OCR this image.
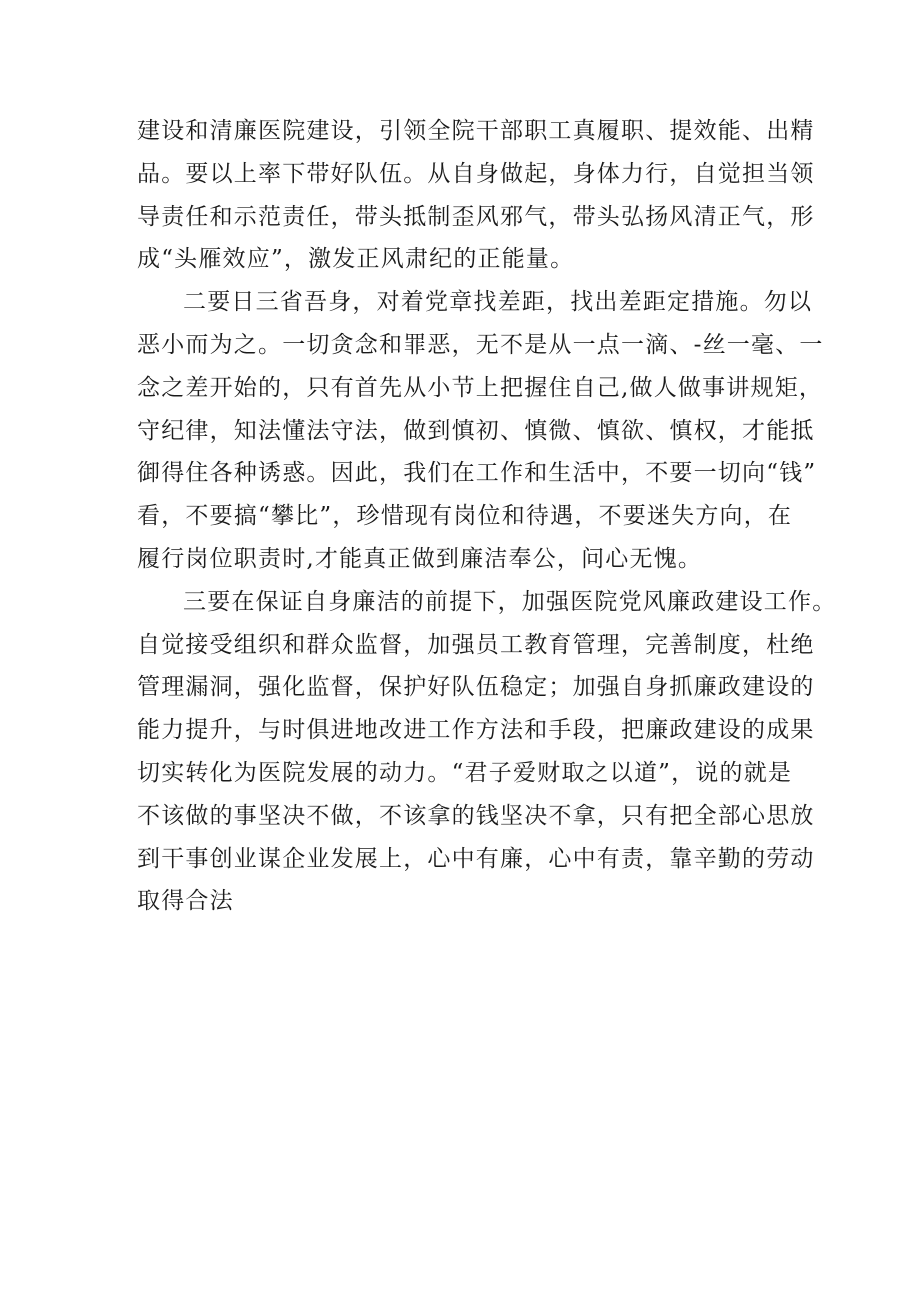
建设和清廉医院建设，引领全院干部职工真履职、提效能、出精
品。要以上率下带好队伍。从自身做起，身体力行，自觉担当领
导责任和示范责任，带头抵制歪风邪气，带头弘扬风清正气，形
成“头雁效应”，激发正风肃纪的正能量。
二要日三省吾身，对着党章找差距，找出差距定措施。勿以
恶小而为之。一切贪念和罪恶，无不是从一点一滴、-丝一毫、一
念之差开始的，只有首先从小节上把握住自己,做人做事讲规矩，
守纪律，知法懂法守法，做到慎初、慎微、慎欲、慎权，才能抵
御得住各种诱惑。因此，我们在工作和生活中，不要一切向“钱”
看，不要搞“攀比”，珍惜现有岗位和待遇，不要迷失方向，在
履行岗位职责时,才能真正做到廉洁奉公，问心无愧。
三要在保证自身廉洁的前提下，加强医院党风廉政建设工作。
自觉接受组织和群众监督，加强员工教育管理，完善制度，杜绝
管理漏洞，强化监督，保护好队伍稳定；加强自身抓廉政建设的
能力提升，与时俱进地改进工作方法和手段，把廉政建设的成果
切实转化为医院发展的动力。“君子爱财取之以道”，说的就是
不该做的事坚决不做，不该拿的钱坚决不拿，只有把全部心思放
到干事创业谋企业发展上，心中有廉，心中有责，靠辛勤的劳动
取得合法
